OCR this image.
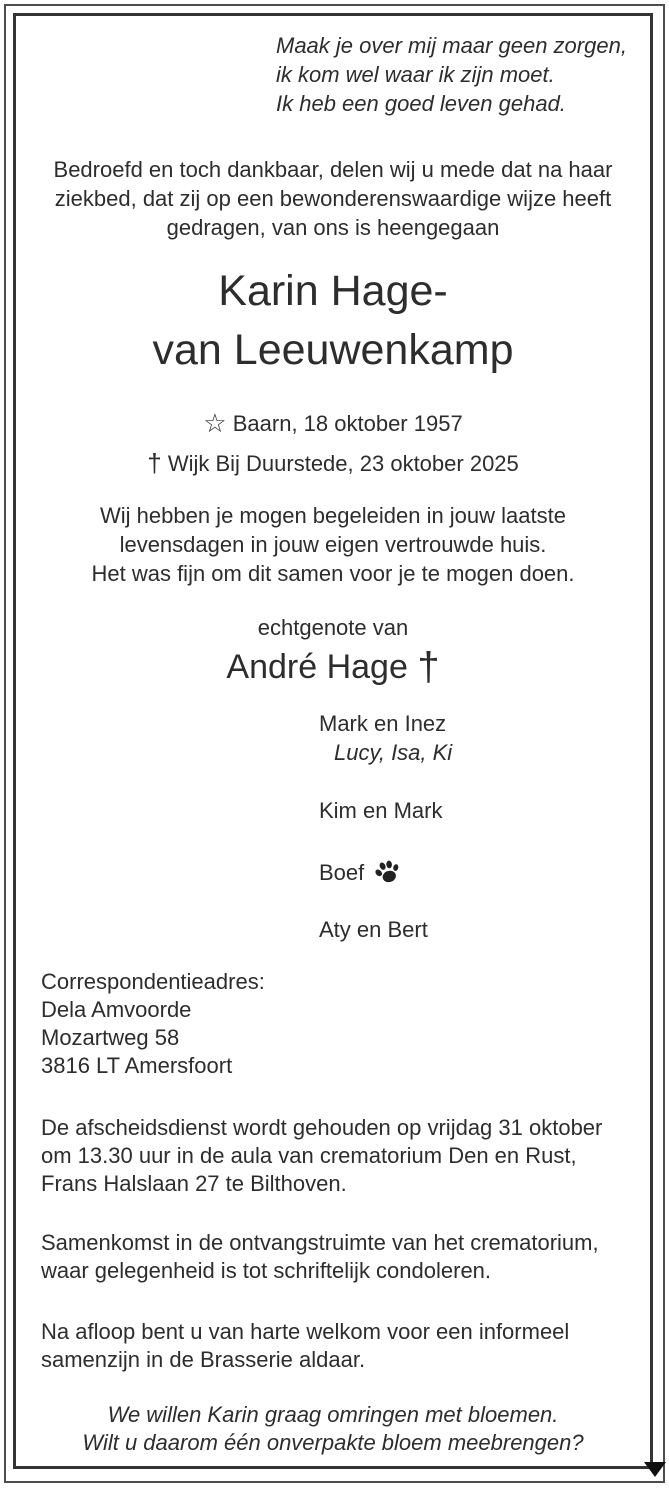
Maak je over mij maar geen zorgen,
ik kom wel waar ik zijn moet.
Ik heb een goed leven gehad.
Bedroefd en toch dankbaar, delen wij u mede dat na haar
ziekbed, dat zij op een bewonderenswaardige wijze heeft
gedragen, van ons is heengegaan
Karin Hage-
van Leeuwenkamp
☆ Baarn, 18 oktober 1957
† Wijk Bij Duurstede, 23 oktober 2025
Wij hebben je mogen begeleiden in jouw laatste
levensdagen in jouw eigen vertrouwde huis.
Het was fijn om dit samen voor je te mogen doen.
echtgenote van
André Hage †
Mark en Inez
Lucy, Isa, Ki
Kim en Mark
Boef
Aty en Bert
Correspondentieadres:
Dela Amvoorde
Mozartweg 58
3816 LT Amersfoort
De afscheidsdienst wordt gehouden op vrijdag 31 oktober
om 13.30 uur in de aula van crematorium Den en Rust,
Frans Halslaan 27 te Bilthoven.
Samenkomst in de ontvangstruimte van het crematorium,
waar gelegenheid is tot schriftelijk condoleren.
Na afloop bent u van harte welkom voor een informeel
samenzijn in de Brasserie aldaar.
We willen Karin graag omringen met bloemen.
Wilt u daarom één onverpakte bloem meebrengen?
